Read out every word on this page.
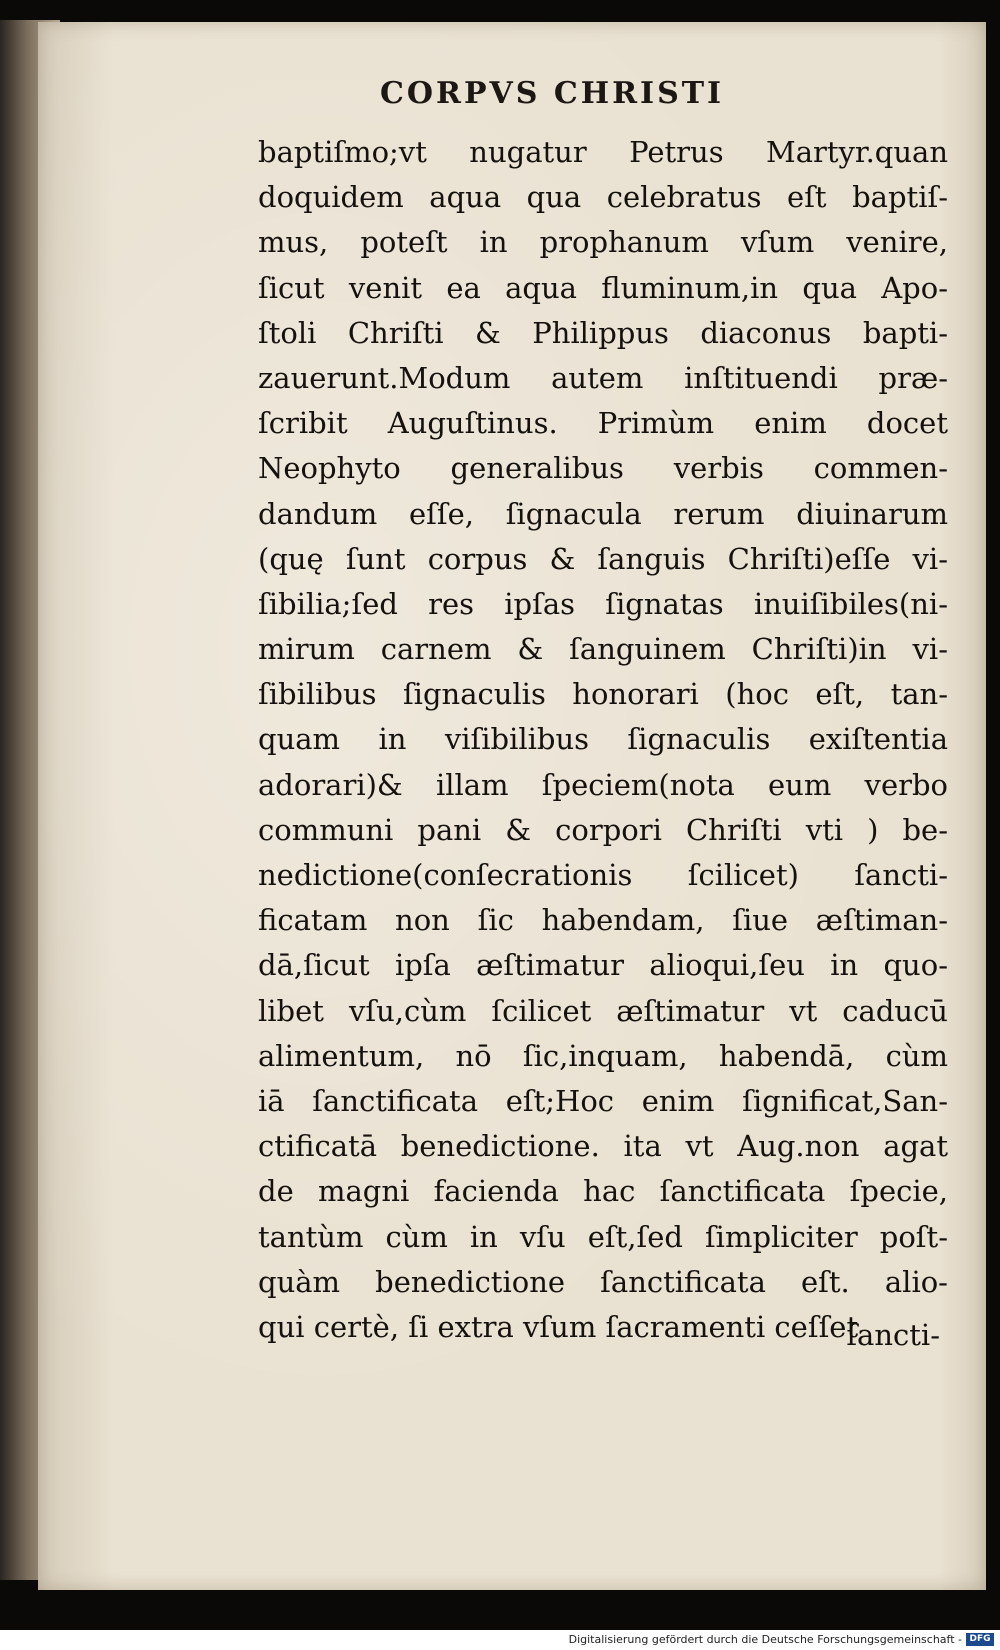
CORPVS CHRISTI
baptiſmo;vt nugatur Petrus Martyr.quan
doquidem aqua qua celebratus eſt baptiſ-
mus, poteſt in prophanum vſum venire,
ſicut venit ea aqua fluminum,in qua Apo-
ſtoli Chriſti & Philippus diaconus bapti-
zauerunt.Modum autem inſtituendi præ-
ſcribit Auguſtinus. Primùm enim docet
Neophyto generalibus verbis commen-
dandum eſſe, ſignacula rerum diuinarum
(quę ſunt corpus & ſanguis Chriſti)eſſe vi-
ſibilia;ſed res ipſas ſignatas inuiſibiles(ni-
mirum carnem & ſanguinem Chriſti)in vi-
ſibilibus ſignaculis honorari (hoc eſt, tan-
quam in viſibilibus ſignaculis exiſtentia
adorari)& illam ſpeciem(nota eum verbo
communi pani & corpori Chriſti vti ) be-
nedictione(conſecrationis ſcilicet) ſancti-
ficatam non ſic habendam, ſiue æſtiman-
dā,ſicut ipſa æſtimatur alioqui,ſeu in quo-
libet vſu,cùm ſcilicet æſtimatur vt caducū
alimentum, nō ſic,inquam, habendā, cùm
iā ſanctificata eſt;Hoc enim ſignificat,San-
ctificatā benedictione. ita vt Aug.non agat
de magni facienda hac ſanctificata ſpecie,
tantùm cùm in vſu eſt,ſed ſimpliciter poſt-
quàm benedictione ſanctificata eſt. alio-
qui certè, ſi extra vſum ſacramenti ceſſet
ſancti-
Digitalisierung gefördert durch die Deutsche Forschungsgemeinschaft - DFG
